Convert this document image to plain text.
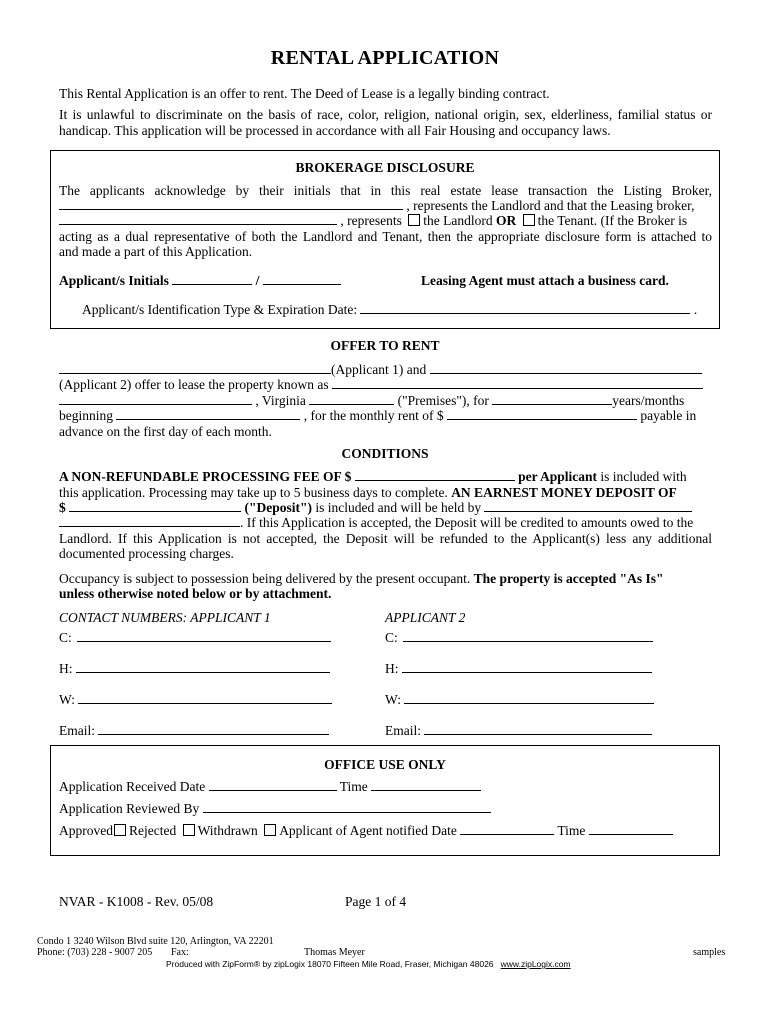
RENTAL APPLICATION
This Rental Application is an offer to rent. The Deed of Lease is a legally binding contract.
It is unlawful to discriminate on the basis of race, color, religion, national origin, sex, elderliness, familial status or
handicap. This application will be processed in accordance with all Fair Housing and occupancy laws.
BROKERAGE DISCLOSURE
The applicants acknowledge by their initials that in this real estate lease transaction the Listing Broker,
, represents the Landlord and that the Leasing broker,
, represents the Landlord OR the Tenant. (If the Broker is
acting as a dual representative of both the Landlord and Tenant, then the appropriate disclosure form is attached to
and made a part of this Application.
Applicant/s Initials	/	Leasing Agent must attach a business card.
Applicant/s Identification Type & Expiration Date:	.
OFFER TO RENT
(Applicant 1) and
(Applicant 2) offer to lease the property known as
, Virginia	("Premises"), for	years/months
beginning	, for the monthly rent of $	payable in
advance on the first day of each month.
CONDITIONS
A NON-REFUNDABLE PROCESSING FEE OF $	per Applicant is included with
this application. Processing may take up to 5 business days to complete. AN EARNEST MONEY DEPOSIT OF
$	("Deposit") is included and will be held by
. If this Application is accepted, the Deposit will be credited to amounts owed to the
Landlord. If this Application is not accepted, the Deposit will be refunded to the Applicant(s) less any additional
documented processing charges.
Occupancy is subject to possession being delivered by the present occupant. The property is accepted "As Is"
unless otherwise noted below or by attachment.
CONTACT NUMBERS: APPLICANT 1	APPLICANT 2
C:	C:
H:	H:
W:	W:
Email:	Email:
OFFICE USE ONLY
Application Received Date	Time
Application Reviewed By
Approved Rejected Withdrawn Applicant of Agent notified Date	Time
NVAR - K1008 - Rev. 05/08	Page 1 of 4
Condo 1 3240 Wilson Blvd suite 120, Arlington, VA 22201
Phone: (703) 228 - 9007 205 Fax:	Thomas Meyer	samples
Produced with ZipForm® by zipLogix 18070 Fifteen Mile Road, Fraser, Michigan 48026 www.zipLogix.com
